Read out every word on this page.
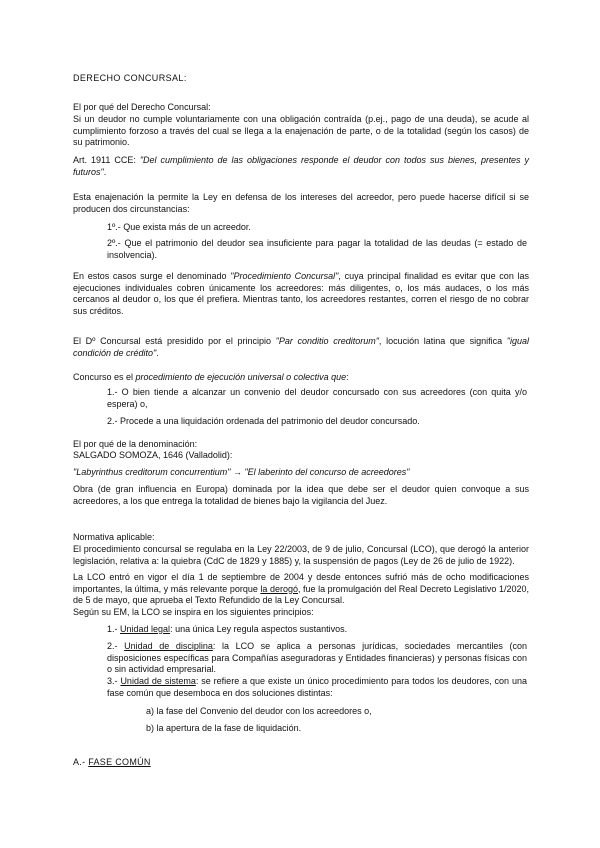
DERECHO CONCURSAL:
El por qué del Derecho Concursal:
Si un deudor no cumple voluntariamente con una obligación contraída (p.ej., pago de una deuda), se acude al cumplimiento forzoso a través del cual se llega a la enajenación de parte, o de la totalidad (según los casos) de su patrimonio.
Art. 1911 CCE: "Del cumplimiento de las obligaciones responde el deudor con todos sus bienes, presentes y futuros".
Esta enajenación la permite la Ley en defensa de los intereses del acreedor, pero puede hacerse difícil si se producen dos circunstancias:
1º.- Que exista más de un acreedor.
2º.- Que el patrimonio del deudor sea insuficiente para pagar la totalidad de las deudas (= estado de insolvencia).
En estos casos surge el denominado "Procedimiento Concursal", cuya principal finalidad es evitar que con las ejecuciones individuales cobren únicamente los acreedores: más diligentes, o, los más audaces, o los más cercanos al deudor o, los que él prefiera. Mientras tanto, los acreedores restantes, corren el riesgo de no cobrar sus créditos.
El Dº Concursal está presidido por el principio "Par conditio creditorum", locución latina que significa "igual condición de crédito".
Concurso es el procedimiento de ejecución universal o colectiva que:
1.- O bien tiende a alcanzar un convenio del deudor concursado con sus acreedores (con quita y/o espera) o,
2.- Procede a una liquidación ordenada del patrimonio del deudor concursado.
El por qué de la denominación:
SALGADO SOMOZA, 1646 (Valladolid):
"Labyrinthus creditorum concurrentium" → "El laberinto del concurso de acreedores"
Obra (de gran influencia en Europa) dominada por la idea que debe ser el deudor quien convoque a sus acreedores, a los que entrega la totalidad de bienes bajo la vigilancia del Juez.
Normativa aplicable:
El procedimiento concursal se regulaba en la Ley 22/2003, de 9 de julio, Concursal (LCO), que derogó la anterior legislación, relativa a: la quiebra (CdC de 1829 y 1885) y, la suspensión de pagos (Ley de 26 de julio de 1922).
La LCO entró en vigor el día 1 de septiembre de 2004 y desde entonces sufrió más de ocho modificaciones importantes, la última, y más relevante porque la derogó, fue la promulgación del Real Decreto Legislativo 1/2020, de 5 de mayo, que aprueba el Texto Refundido de la Ley Concursal.
Según su EM, la LCO se inspira en los siguientes principios:
1.- Unidad legal: una única Ley regula aspectos sustantivos.
2.- Unidad de disciplina: la LCO se aplica a personas jurídicas, sociedades mercantiles (con disposiciones específicas para Compañías aseguradoras y Entidades financieras) y personas físicas con o sin actividad empresarial.
3.- Unidad de sistema: se refiere a que existe un único procedimiento para todos los deudores, con una fase común que desemboca en dos soluciones distintas:
a) la fase del Convenio del deudor con los acreedores o,
b) la apertura de la fase de liquidación.
A.- FASE COMÚN
